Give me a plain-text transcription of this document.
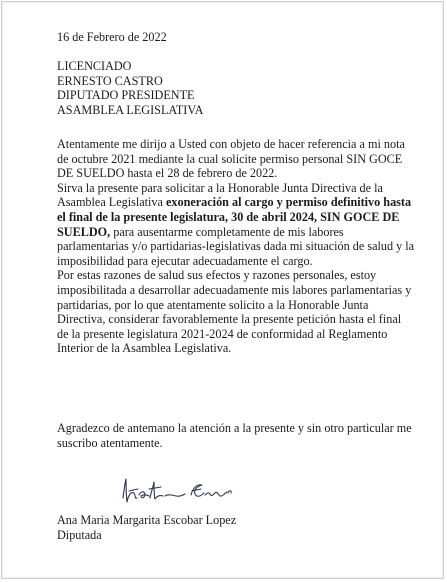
16 de Febrero de 2022
LICENCIADO
ERNESTO CASTRO
DIPUTADO PRESIDENTE
ASAMBLEA LEGISLATIVA

Atentamente me dirijo a Usted con objeto de hacer referencia a mi nota de octubre 2021 mediante la cual solicite permiso personal SIN GOCE DE SUELDO hasta el 28 de febrero de 2022.

Sirva la presente para solicitar a la Honorable Junta Directiva de la Asamblea Legislativa exoneración al cargo y permiso definitivo hasta el final de la presente legislatura, 30 de abril 2024, SIN GOCE DE SUELDO, para ausentarme completamente de mis labores parlamentarias y/o partidarias-legislativas dada mi situación de salud y la imposibilidad para ejecutar adecuadamente el cargo.

Por estas razones de salud sus efectos y razones personales, estoy imposibilitada a desarrollar adecuadamente mis labores parlamentarias y partidarias, por lo que atentamente solicito a la Honorable Junta Directiva, considerar favorablemente la presente petición hasta el final de la presente legislatura 2021-2024 de conformidad al Reglamento Interior de la Asamblea Legislativa.

Agradezco de antemano la atención a la presente y sin otro particular me suscribo atentamente.

Ana Maria Margarita Escobar Lopez
Diputada
